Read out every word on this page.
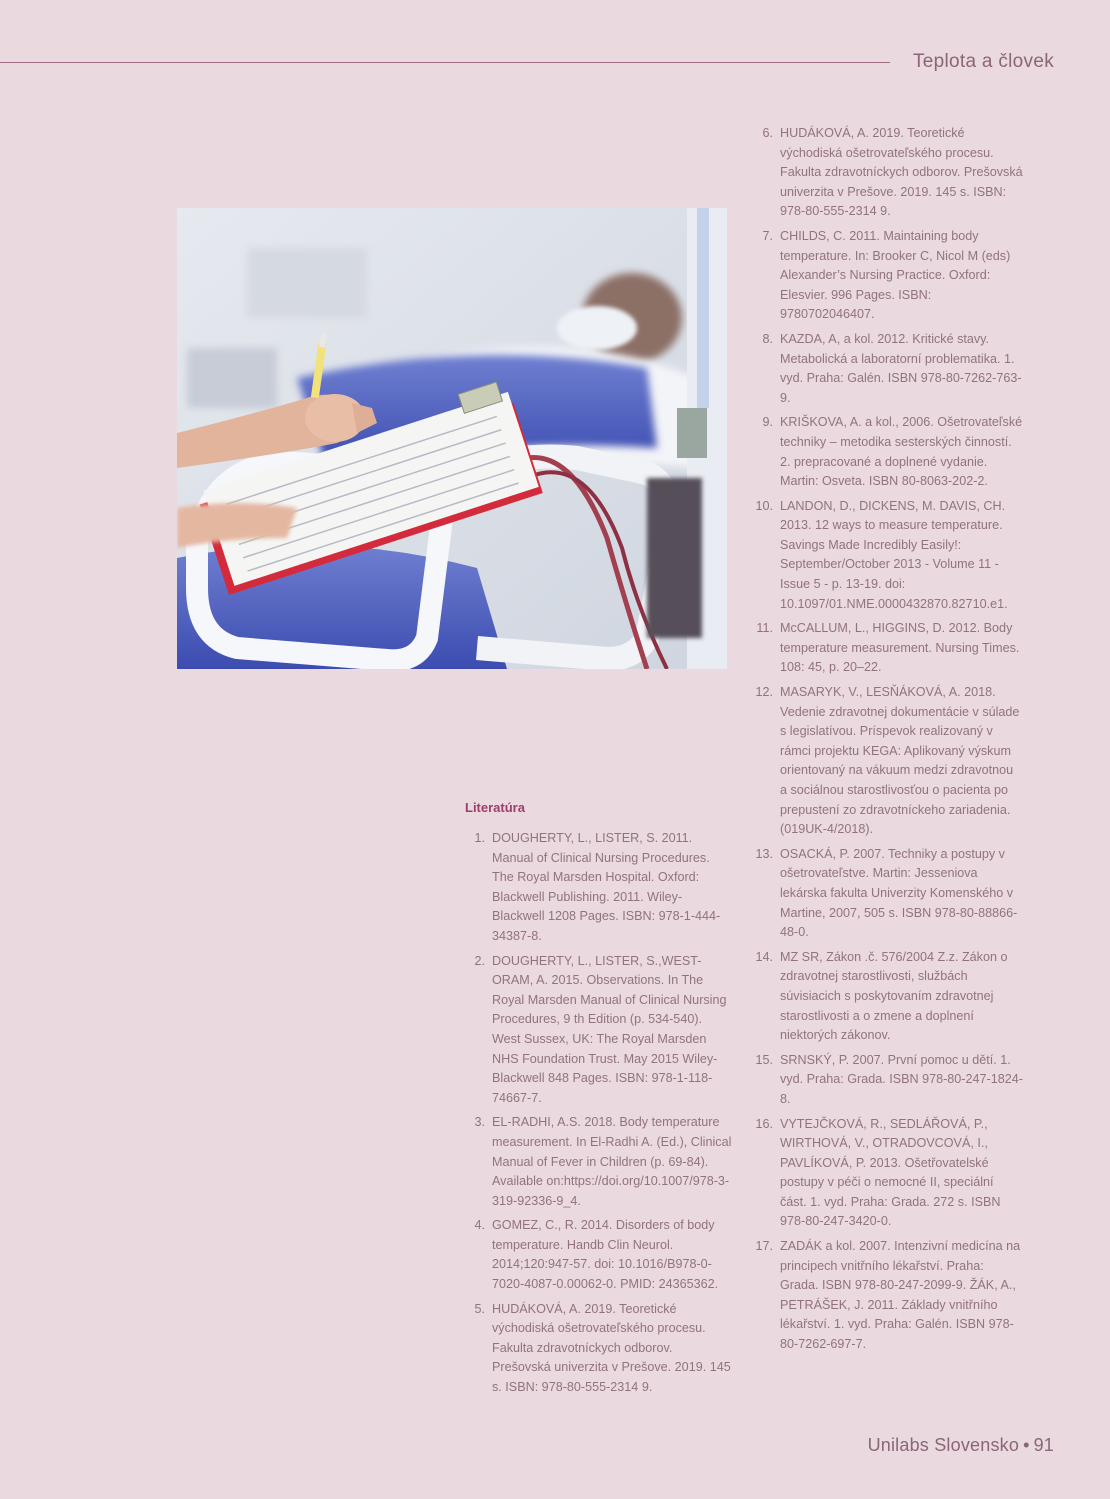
Teplota a človek
Literatúra
1. DOUGHERTY, L., LISTER, S. 2011. Manual of Clinical Nursing Procedures. The Royal Marsden Hospital. Oxford: Blackwell Publishing. 2011. Wiley-Blackwell 1208 Pages. ISBN: 978-1-444-34387-8.
2. DOUGHERTY, L., LISTER, S.,WEST-ORAM, A. 2015. Observations. In The Royal Marsden Manual of Clinical Nursing Procedures, 9 th Edition (p. 534-540). West Sussex, UK: The Royal Marsden NHS Foundation Trust. May 2015 Wiley-Blackwell 848 Pages. ISBN: 978-1-118-74667-7.
3. EL-RADHI, A.S. 2018. Body temperature measurement. In El-Radhi A. (Ed.), Clinical Manual of Fever in Children (p. 69-84). Available on:https://doi.org/10.1007/978-3-319-92336-9_4.
4. GOMEZ, C., R. 2014. Disorders of body temperature. Handb Clin Neurol. 2014;120:947-57. doi: 10.1016/B978-0-7020-4087-0.00062-0. PMID: 24365362.
5. HUDÁKOVÁ, A. 2019. Teoretické východiská ošetrovateľského procesu. Fakulta zdravotníckych odborov. Prešovská univerzita v Prešove. 2019. 145 s. ISBN: 978-80-555-2314 9.
6. HUDÁKOVÁ, A. 2019. Teoretické východiská ošetrovateľského procesu. Fakulta zdravotníckych odborov. Prešovská univerzita v Prešove. 2019. 145 s. ISBN: 978-80-555-2314 9.
7. CHILDS, C. 2011. Maintaining body temperature. In: Brooker C, Nicol M (eds) Alexander’s Nursing Practice. Oxford: Elesvier. 996 Pages. ISBN: 9780702046407.
8. KAZDA, A, a kol. 2012. Kritické stavy. Metabolická a laboratorní problematika. 1. vyd. Praha: Galén. ISBN 978-80-7262-763-9.
9. KRIŠKOVA, A. a kol., 2006. Ošetrovateľské techniky – metodika sesterských činností. 2. prepracované a doplnené vydanie. Martin: Osveta. ISBN 80-8063-202-2.
10. LANDON, D., DICKENS, M. DAVIS, CH. 2013. 12 ways to measure temperature. Savings Made Incredibly Easily!: September/October 2013 - Volume 11 - Issue 5 - p. 13-19. doi: 10.1097/01.NME.0000432870.82710.e1.
11. McCALLUM, L., HIGGINS, D. 2012. Body temperature measurement. Nursing Times. 108: 45, p. 20–22.
12. MASARYK, V., LESŇÁKOVÁ, A. 2018. Vedenie zdravotnej dokumentácie v súlade s legislatívou. Príspevok realizovaný v rámci projektu KEGA: Aplikovaný výskum orientovaný na vákuum medzi zdravotnou a sociálnou starostlivosťou o pacienta po prepustení zo zdravotníckeho zariadenia. (019UK-4/2018).
13. OSACKÁ, P. 2007. Techniky a postupy v ošetrovateľstve. Martin: Jesseniova lekárska fakulta Univerzity Komenského v Martine, 2007, 505 s. ISBN 978-80-88866-48-0.
14. MZ SR, Zákon .č. 576/2004 Z.z. Zákon o zdravotnej starostlivosti, službách súvisiacich s poskytovaním zdravotnej starostlivosti a o zmene a doplnení niektorých zákonov.
15. SRNSKÝ, P. 2007. První pomoc u dětí. 1. vyd. Praha: Grada. ISBN 978-80-247-1824-8.
16. VYTEJČKOVÁ, R., SEDLÁŘOVÁ, P., WIRTHOVÁ, V., OTRADOVCOVÁ, I., PAVLÍKOVÁ, P. 2013. Ošetřovatelské postupy v péči o nemocné II, speciální část. 1. vyd. Praha: Grada. 272 s. ISBN 978-80-247-3420-0.
17. ZADÁK a kol. 2007. Intenzivní medicína na principech vnitřního lékařství. Praha: Grada. ISBN 978-80-247-2099-9. ŽÁK, A., PETRÁŠEK, J. 2011. Základy vnitřního lékařství. 1. vyd. Praha: Galén. ISBN 978-80-7262-697-7.
Unilabs Slovensko • 91
